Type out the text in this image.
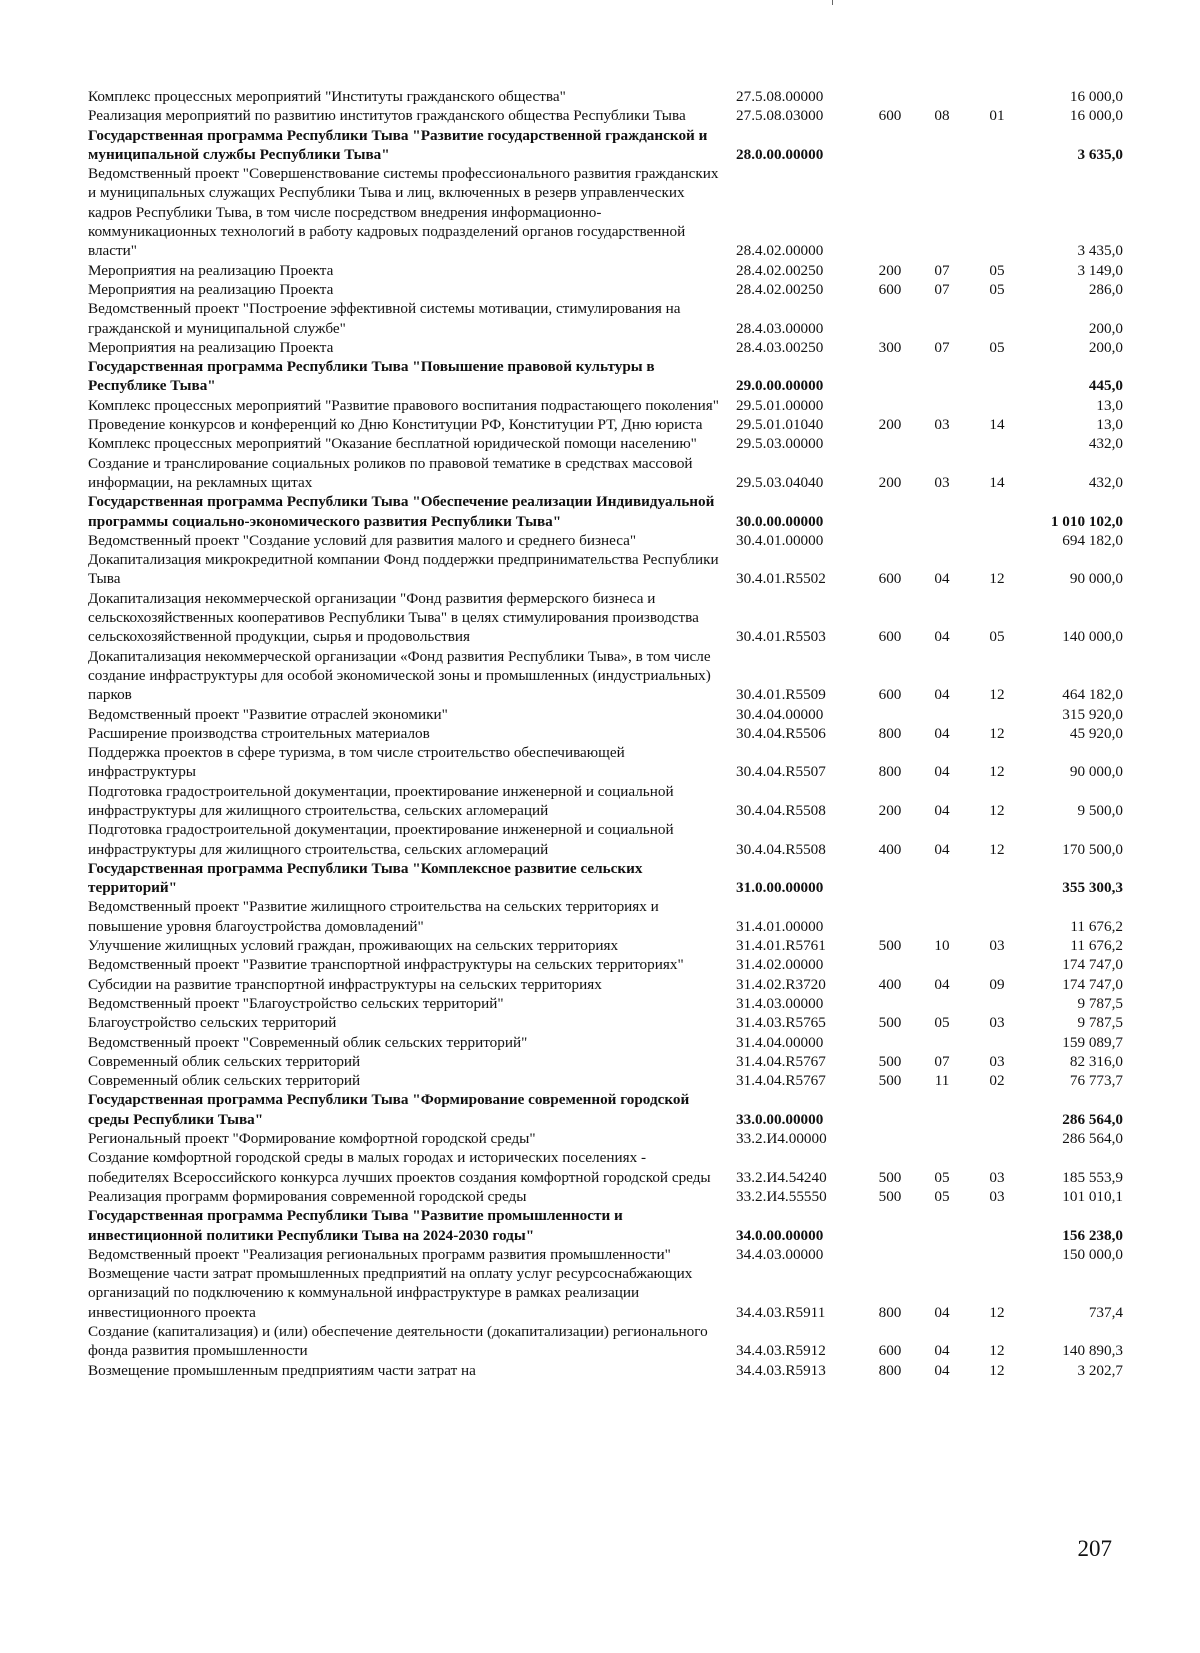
Комплекс процессных мероприятий "Институты гражданского общества"	27.5.08.00000				16 000,0
Реализация мероприятий по развитию институтов гражданского общества Республики Тыва	27.5.08.03000	600	08	01	16 000,0
Государственная программа Республики Тыва "Развитие государственной гражданской и муниципальной службы Республики Тыва"	28.0.00.00000				3 635,0
Ведомственный проект "Совершенствование системы профессионального развития гражданских и муниципальных служащих Республики Тыва и лиц, включенных в резерв управленческих кадров Республики Тыва, в том числе посредством внедрения информационно-коммуникационных технологий в работу кадровых подразделений органов государственной власти"	28.4.02.00000				3 435,0
Мероприятия на реализацию Проекта	28.4.02.00250	200	07	05	3 149,0
Мероприятия на реализацию Проекта	28.4.02.00250	600	07	05	286,0
Ведомственный проект "Построение эффективной системы мотивации, стимулирования на гражданской и муниципальной службе"	28.4.03.00000				200,0
Мероприятия на реализацию Проекта	28.4.03.00250	300	07	05	200,0
Государственная программа Республики Тыва "Повышение правовой культуры в Республике Тыва"	29.0.00.00000				445,0
Комплекс процессных мероприятий "Развитие правового воспитания подрастающего поколения"	29.5.01.00000				13,0
Проведение конкурсов и конференций ко Дню Конституции РФ, Конституции РТ, Дню юриста	29.5.01.01040	200	03	14	13,0
Комплекс процессных мероприятий "Оказание бесплатной юридической помощи населению"	29.5.03.00000				432,0
Создание и транслирование социальных роликов по правовой тематике в средствах массовой информации, на рекламных щитах	29.5.03.04040	200	03	14	432,0
Государственная программа Республики Тыва "Обеспечение реализации Индивидуальной программы социально-экономического развития Республики Тыва"	30.0.00.00000				1 010 102,0
Ведомственный проект "Создание условий для развития малого и среднего бизнеса"	30.4.01.00000				694 182,0
Докапитализация микрокредитной компании Фонд поддержки предпринимательства Республики Тыва	30.4.01.R5502	600	04	12	90 000,0
Докапитализация некоммерческой организации "Фонд развития фермерского бизнеса и сельскохозяйственных кооперативов Республики Тыва" в целях стимулирования производства сельскохозяйственной продукции, сырья и продовольствия	30.4.01.R5503	600	04	05	140 000,0
Докапитализация некоммерческой организации «Фонд развития Республики Тыва», в том числе создание инфраструктуры для особой экономической зоны и промышленных (индустриальных) парков	30.4.01.R5509	600	04	12	464 182,0
Ведомственный проект "Развитие отраслей экономики"	30.4.04.00000				315 920,0
Расширение производства строительных материалов	30.4.04.R5506	800	04	12	45 920,0
Поддержка проектов в сфере туризма, в том числе строительство обеспечивающей инфраструктуры	30.4.04.R5507	800	04	12	90 000,0
Подготовка градостроительной документации, проектирование инженерной и социальной инфраструктуры для жилищного строительства, сельских агломераций	30.4.04.R5508	200	04	12	9 500,0
Подготовка градостроительной документации, проектирование инженерной и социальной инфраструктуры для жилищного строительства, сельских агломераций	30.4.04.R5508	400	04	12	170 500,0
Государственная программа Республики Тыва "Комплексное развитие сельских территорий"	31.0.00.00000				355 300,3
Ведомственный проект "Развитие жилищного строительства на сельских территориях и повышение уровня благоустройства домовладений"	31.4.01.00000				11 676,2
Улучшение жилищных условий граждан, проживающих на сельских территориях	31.4.01.R5761	500	10	03	11 676,2
Ведомственный проект "Развитие транспортной инфраструктуры на сельских территориях"	31.4.02.00000				174 747,0
Субсидии на развитие транспортной инфраструктуры на сельских территориях	31.4.02.R3720	400	04	09	174 747,0
Ведомственный проект "Благоустройство сельских территорий"	31.4.03.00000				9 787,5
Благоустройство сельских территорий	31.4.03.R5765	500	05	03	9 787,5
Ведомственный проект "Современный облик сельских территорий"	31.4.04.00000				159 089,7
Современный облик сельских территорий	31.4.04.R5767	500	07	03	82 316,0
Современный облик сельских территорий	31.4.04.R5767	500	11	02	76 773,7
Государственная программа Республики Тыва "Формирование современной городской среды Республики Тыва"	33.0.00.00000				286 564,0
Региональный проект "Формирование комфортной городской среды"	33.2.И4.00000				286 564,0
Создание комфортной городской среды в малых городах и исторических поселениях - победителях Всероссийского конкурса лучших проектов создания комфортной городской среды	33.2.И4.54240	500	05	03	185 553,9
Реализация программ формирования современной городской среды	33.2.И4.55550	500	05	03	101 010,1
Государственная программа Республики Тыва "Развитие промышленности и инвестиционной политики Республики Тыва на 2024-2030 годы"	34.0.00.00000				156 238,0
Ведомственный проект "Реализация региональных программ развития промышленности"	34.4.03.00000				150 000,0
Возмещение части затрат промышленных предприятий на оплату услуг ресурсоснабжающих организаций по подключению к коммунальной инфраструктуре в рамках реализации инвестиционного проекта	34.4.03.R5911	800	04	12	737,4
Создание (капитализация) и (или) обеспечение деятельности (докапитализации) регионального фонда развития промышленности	34.4.03.R5912	600	04	12	140 890,3
Возмещение промышленным предприятиям части затрат на	34.4.03.R5913	800	04	12	3 202,7
207
